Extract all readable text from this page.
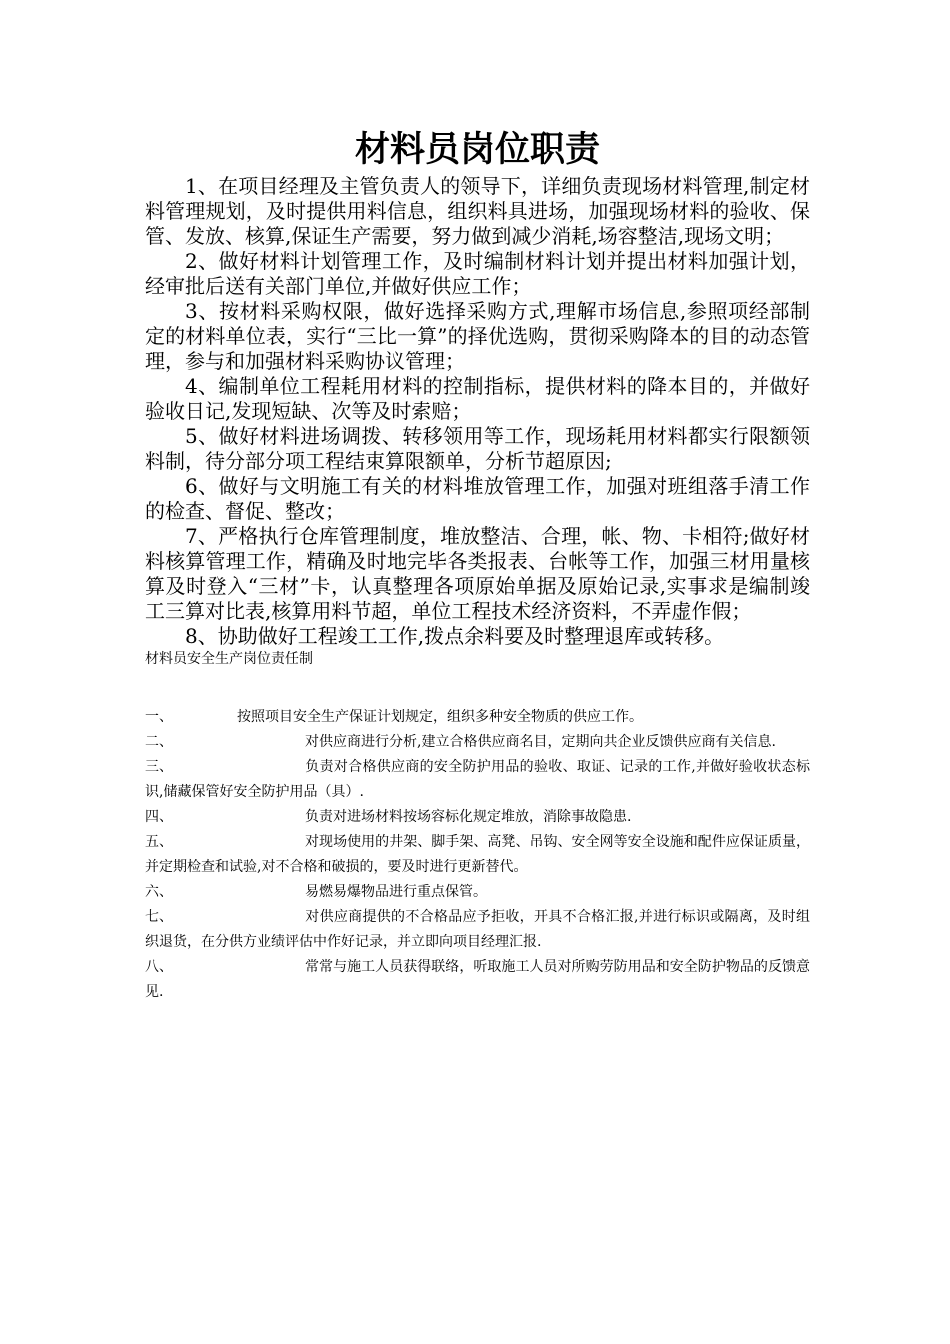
材料员岗位职责

1、在项目经理及主管负责人的领导下，详细负责现场材料管理,制定材料管理规划，及时提供用料信息，组织料具进场，加强现场材料的验收、保管、发放、核算,保证生产需要，努力做到减少消耗,场容整洁,现场文明；

2、做好材料计划管理工作，及时编制材料计划并提出材料加强计划，经审批后送有关部门单位,并做好供应工作；

3、按材料采购权限，做好选择采购方式,理解市场信息,参照项经部制定的材料单位表，实行“三比一算”的择优选购，贯彻采购降本的目的动态管理，参与和加强材料采购协议管理；

4、编制单位工程耗用材料的控制指标，提供材料的降本目的，并做好验收日记,发现短缺、次等及时索赔；

5、做好材料进场调拨、转移领用等工作，现场耗用材料都实行限额领料制，待分部分项工程结束算限额单，分析节超原因;

6、做好与文明施工有关的材料堆放管理工作，加强对班组落手清工作的检查、督促、整改；

7、严格执行仓库管理制度，堆放整洁、合理，帐、物、卡相符;做好材料核算管理工作，精确及时地完毕各类报表、台帐等工作，加强三材用量核算及时登入“三材”卡，认真整理各项原始单据及原始记录,实事求是编制竣工三算对比表,核算用料节超，单位工程技术经济资料，不弄虚作假；

8、协助做好工程竣工工作,拨点余料要及时整理退库或转移。

材料员安全生产岗位责任制

一、	按照项目安全生产保证计划规定，组织多种安全物质的供应工作。

二、	对供应商进行分析,建立合格供应商名目，定期向共企业反馈供应商有关信息.

三、	负责对合格供应商的安全防护用品的验收、取证、记录的工作,并做好验收状态标识,储藏保管好安全防护用品（具）.

四、	负责对进场材料按场容标化规定堆放，消除事故隐患.

五、	对现场使用的井架、脚手架、高凳、吊钩、安全网等安全设施和配件应保证质量，并定期检查和试验,对不合格和破损的，要及时进行更新替代。

六、	易燃易爆物品进行重点保管。

七、	对供应商提供的不合格品应予拒收，开具不合格汇报,并进行标识或隔离，及时组织退货，在分供方业绩评估中作好记录，并立即向项目经理汇报.

八、	常常与施工人员获得联络，听取施工人员对所购劳防用品和安全防护物品的反馈意见.
